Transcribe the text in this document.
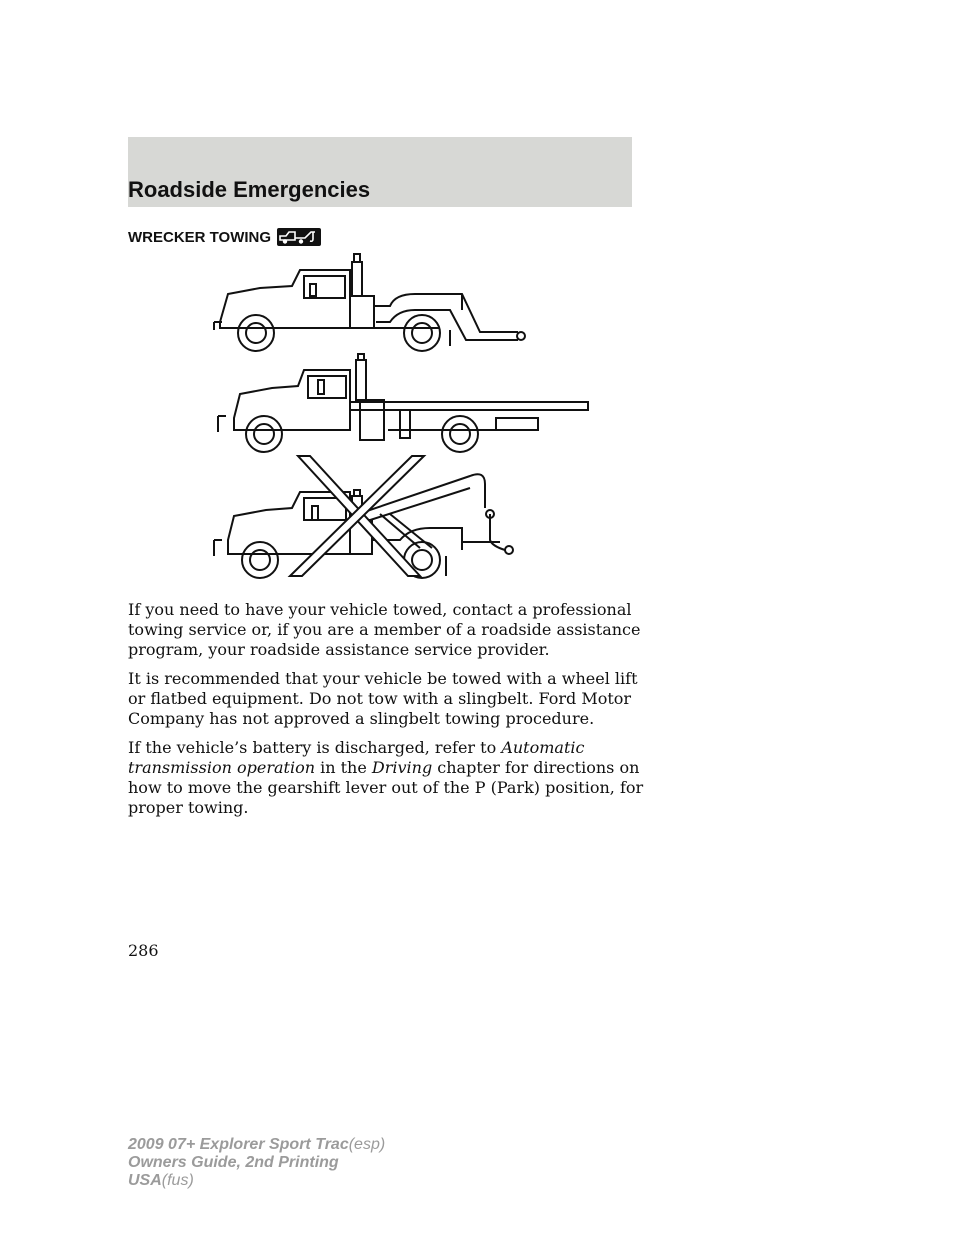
Roadside Emergencies
WRECKER TOWING

If you need to have your vehicle towed, contact a professional towing service or, if you are a member of a roadside assistance program, your roadside assistance service provider.

It is recommended that your vehicle be towed with a wheel lift or flatbed equipment. Do not tow with a slingbelt. Ford Motor Company has not approved a slingbelt towing procedure.

If the vehicle’s battery is discharged, refer to Automatic transmission operation in the Driving chapter for directions on how to move the gearshift lever out of the P (Park) position, for proper towing.

286
2009 07+ Explorer Sport Trac(esp)
Owners Guide, 2nd Printing
USA(fus)
